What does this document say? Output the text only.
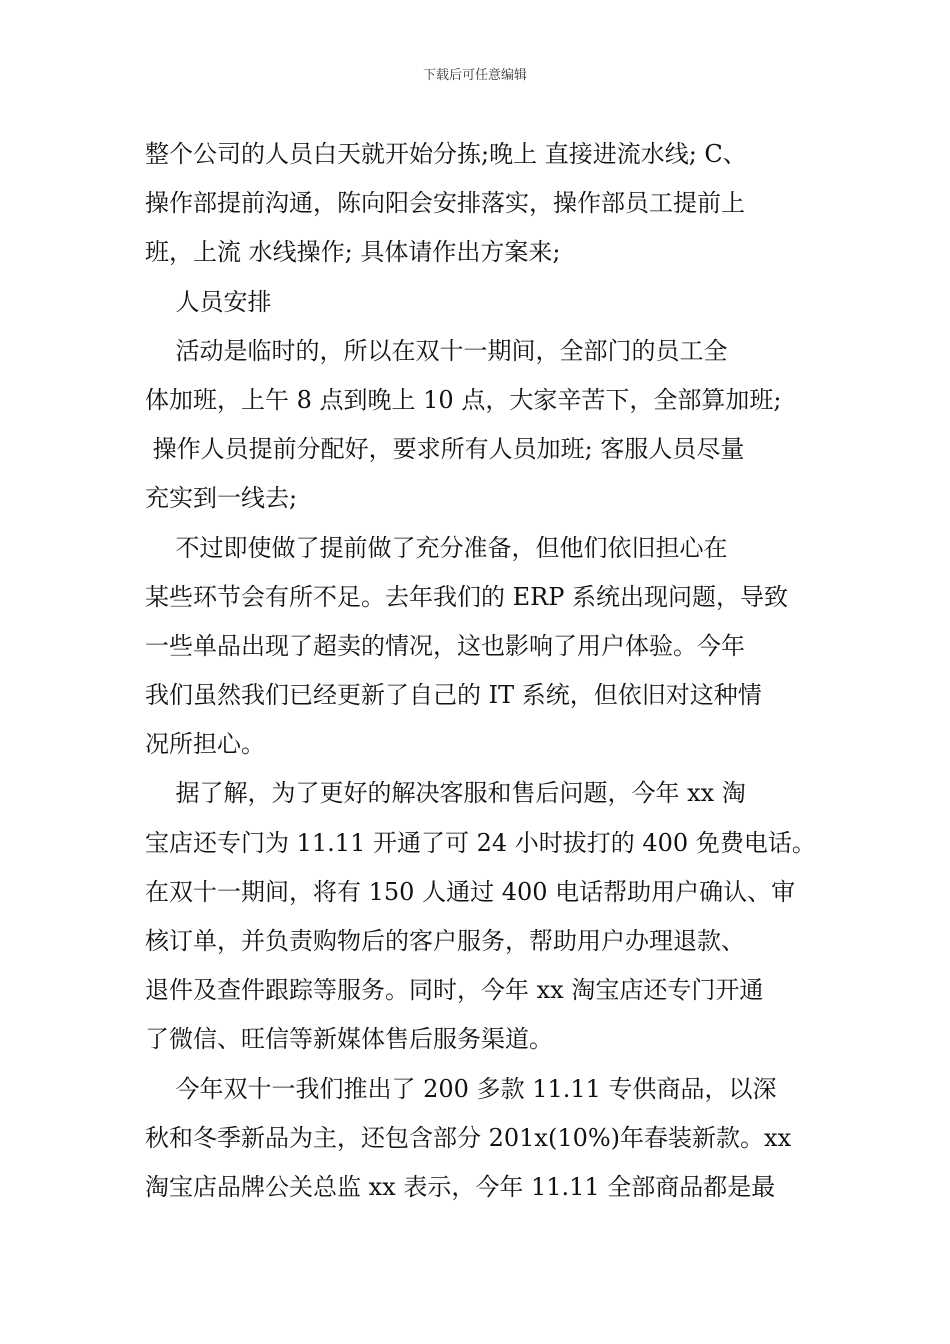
下载后可任意编辑
整个公司的人员白天就开始分拣;晚上 直接进流水线; C、
操作部提前沟通，陈向阳会安排落实，操作部员工提前上
班，上流 水线操作; 具体请作出方案来;
人员安排
活动是临时的，所以在双十一期间，全部门的员工全
体加班，上午 8 点到晚上 10 点，大家辛苦下，全部算加班;
操作人员提前分配好，要求所有人员加班; 客服人员尽量
充实到一线去;
不过即使做了提前做了充分准备，但他们依旧担心在
某些环节会有所不足。去年我们的 ERP 系统出现问题，导致
一些单品出现了超卖的情况，这也影响了用户体验。今年
我们虽然我们已经更新了自己的 IT 系统，但依旧对这种情
况所担心。
据了解，为了更好的解决客服和售后问题，今年 xx 淘
宝店还专门为 11.11 开通了可 24 小时拔打的 400 免费电话。
在双十一期间，将有 150 人通过 400 电话帮助用户确认、审
核订单，并负责购物后的客户服务，帮助用户办理退款、
退件及查件跟踪等服务。同时，今年 xx 淘宝店还专门开通
了微信、旺信等新媒体售后服务渠道。
今年双十一我们推出了 200 多款 11.11 专供商品，以深
秋和冬季新品为主，还包含部分 201x(10%)年春装新款。xx
淘宝店品牌公关总监 xx 表示，今年 11.11 全部商品都是最
